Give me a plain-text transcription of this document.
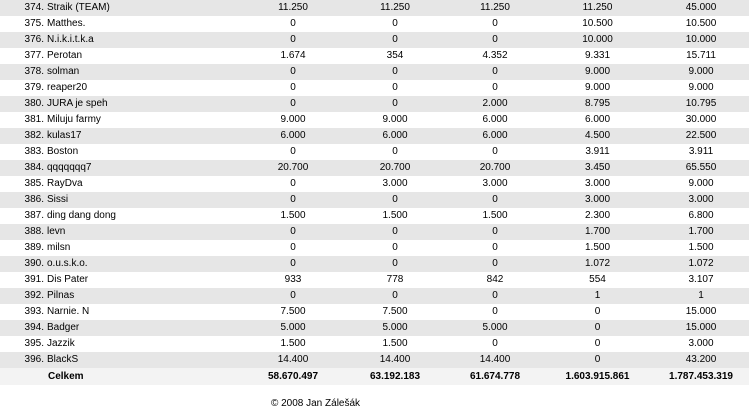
374.	Straik (TEAM)	11.250	11.250	11.250	11.250	45.000
375.	Matthes.	0	0	0	10.500	10.500
376.	N.i.k.i.t.k.a	0	0	0	10.000	10.000
377.	Perotan	1.674	354	4.352	9.331	15.711
378.	solman	0	0	0	9.000	9.000
379.	reaper20	0	0	0	9.000	9.000
380.	JURA je speh	0	0	2.000	8.795	10.795
381.	Miluju farmy	9.000	9.000	6.000	6.000	30.000
382.	kulas17	6.000	6.000	6.000	4.500	22.500
383.	Boston	0	0	0	3.911	3.911
384.	qqqqqqq7	20.700	20.700	20.700	3.450	65.550
385.	RayDva	0	3.000	3.000	3.000	9.000
386.	Sissi	0	0	0	3.000	3.000
387.	ding dang dong	1.500	1.500	1.500	2.300	6.800
388.	levn	0	0	0	1.700	1.700
389.	milsn	0	0	0	1.500	1.500
390.	o.u.s.k.o.	0	0	0	1.072	1.072
391.	Dis Pater	933	778	842	554	3.107
392.	Pilnas	0	0	0	1	1
393.	Narnie. N	7.500	7.500	0	0	15.000
394.	Badger	5.000	5.000	5.000	0	15.000
395.	Jazzik	1.500	1.500	0	0	3.000
396.	BlackS	14.400	14.400	14.400	0	43.200
	Celkem	58.670.497	63.192.183	61.674.778	1.603.915.861	1.787.453.319
© 2008 Jan Zálešák
